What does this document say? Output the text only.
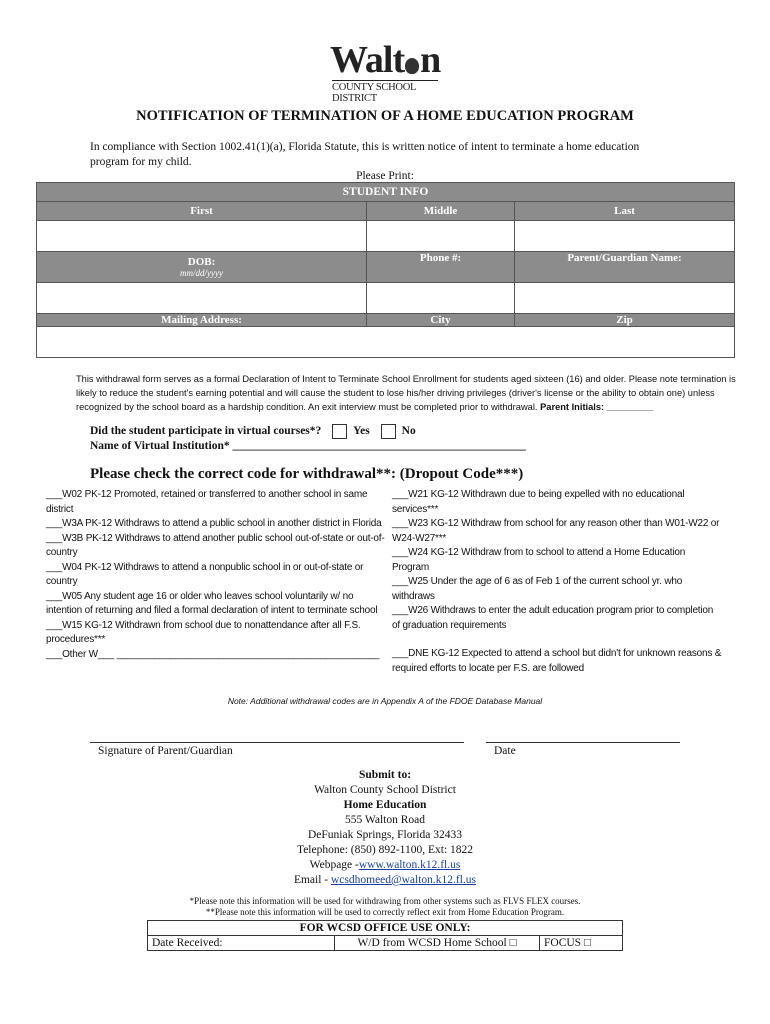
Walt n
COUNTY SCHOOL DISTRICT
NOTIFICATION OF TERMINATION OF A HOME EDUCATION PROGRAM
In compliance with Section 1002.41(1)(a), Florida Statute, this is written notice of intent to terminate a home education program for my child.
Please Print:
STUDENT INFO		
First	Middle	Last

DOB:
mm/dd/yyyy	Phone #:	Parent/Guardian Name:

Mailing Address:	City	Zip

This withdrawal form serves as a formal Declaration of Intent to Terminate School Enrollment for students aged sixteen (16) and older. Please note termination is likely to reduce the student's earning potential and will cause the student to lose his/her driving privileges (driver's license or the ability to obtain one) unless recognized by the school board as a hardship condition. An exit interview must be completed prior to withdrawal. Parent Initials: _________
Did the student participate in virtual courses*?	Yes	No
Name of Virtual Institution* ___________________________________________________
Please check the correct code for withdrawal**: (Dropout Code***)
___W02 PK-12 Promoted, retained or transferred to another school in same district
___W3A PK-12 Withdraws to attend a public school in another district in Florida
___W3B PK-12 Withdraws to attend another public school out-of-state or out-of-country
___W04 PK-12 Withdraws to attend a nonpublic school in or out-of-state or country
___W05 Any student age 16 or older who leaves school voluntarily w/ no intention of returning and filed a formal declaration of intent to terminate school
___W15 KG-12 Withdrawn from school due to nonattendance after all F.S. procedures***
___Other W___ _________________________________________________
___W21 KG-12 Withdrawn due to being expelled with no educational services***
___W23 KG-12 Withdraw from school for any reason other than W01-W22 or W24-W27***
___W24 KG-12 Withdraw from to school to attend a Home Education Program
___W25 Under the age of 6 as of Feb 1 of the current school yr. who withdraws
___W26 Withdraws to enter the adult education program prior to completion of graduation requirements
___DNE KG-12 Expected to attend a school but didn't for unknown reasons & required efforts to locate per F.S. are followed
Note: Additional withdrawal codes are in Appendix A of the FDOE Database Manual
Signature of Parent/Guardian	Date
Submit to:
Walton County School District
Home Education
555 Walton Road
DeFuniak Springs, Florida 32433
Telephone: (850) 892-1100, Ext: 1822
Webpage -www.walton.k12.fl.us
Email - wcsdhomeed@walton.k12.fl.us
*Please note this information will be used for withdrawing from other systems such as FLVS FLEX courses.
**Please note this information will be used to correctly reflect exit from Home Education Program.
FOR WCSD OFFICE USE ONLY:
Date Received:	W/D from WCSD Home School □	FOCUS □
